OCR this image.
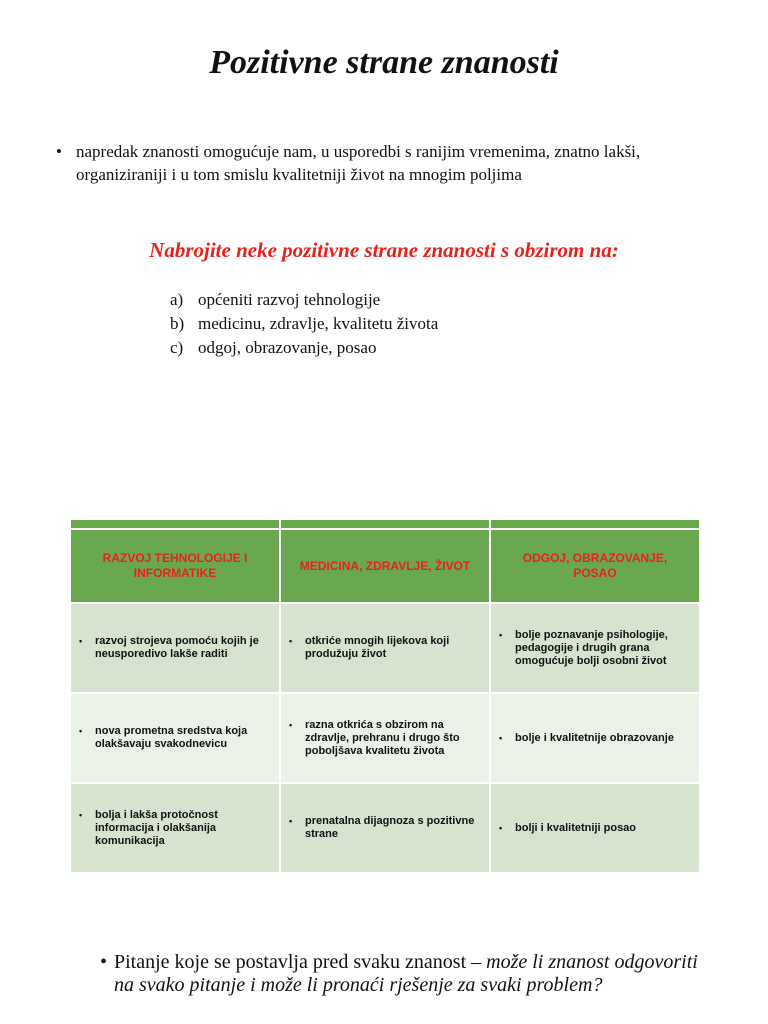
Pozitivne strane znanosti
• napredak znanosti omogućuje nam, u usporedbi s ranijim vremenima, znatno lakši, organiziraniji i u tom smislu kvalitetniji život na mnogim poljima
Nabrojite neke pozitivne strane znanosti s obzirom na:
a) općeniti razvoj tehnologije
b) medicinu, zdravlje, kvalitetu života
c) odgoj, obrazovanje, posao

RAZVOJ TEHNOLOGIJE I INFORMATIKE	MEDICINA, ZDRAVLJE, ŽIVOT	ODGOJ, OBRAZOVANJE, POSAO

• razvoj strojeva pomoću kojih je neusporedivo lakše raditi	• otkriće mnogih lijekova koji produžuju život	• bolje poznavanje psihologije, pedagogije i drugih grana omogućuje bolji osobni život

• nova prometna sredstva koja olakšavaju svakodnevicu	• razna otkrića s obzirom na zdravlje, prehranu i drugo što poboljšava kvalitetu života	• bolje i kvalitetnije obrazovanje

• bolja i lakša protočnost informacija i olakšanija komunikacija	• prenatalna dijagnoza s pozitivne strane	• bolji i kvalitetniji posao
• Pitanje koje se postavlja pred svaku znanost – može li znanost odgovoriti na svako pitanje i može li pronaći rješenje za svaki problem?
